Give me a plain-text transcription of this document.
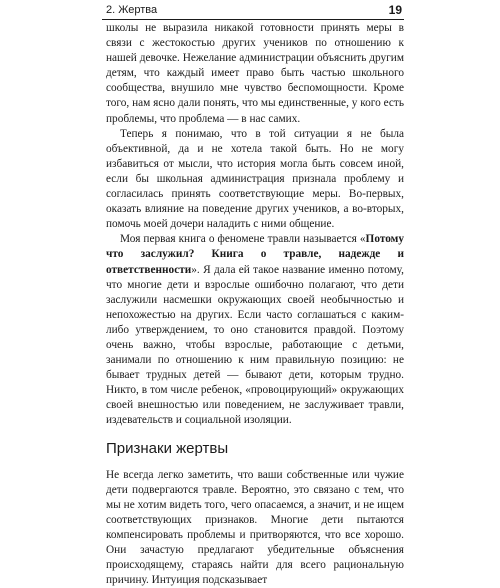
2. Жертва	19

школы не выразила никакой готовности принять меры в связи с жестокостью других учеников по отношению к нашей девочке. Нежелание администрации объяснить другим детям, что каждый имеет право быть частью школьного сообщества, внушило мне чувство беспомощности. Кроме того, нам ясно дали понять, что мы единственные, у кого есть проблемы, что проблема — в нас самих.

Теперь я понимаю, что в той ситуации я не была объективной, да и не хотела такой быть. Но не могу избавиться от мысли, что история могла быть совсем иной, если бы школьная администрация признала проблему и согласилась принять соответствующие меры. Во-первых, оказать влияние на поведение других учеников, а во-вторых, помочь моей дочери наладить с ними общение.

Моя первая книга о феномене травли называется «Потому что заслужил? Книга о травле, надежде и ответственности». Я дала ей такое название именно потому, что многие дети и взрослые ошибочно полагают, что дети заслужили насмешки окружающих своей необычностью и непохожестью на других. Если часто соглашаться с каким-либо утверждением, то оно становится правдой. Поэтому очень важно, чтобы взрослые, работающие с детьми, занимали по отношению к ним правильную позицию: не бывает трудных детей — бывают дети, которым трудно. Никто, в том числе ребенок, «провоцирующий» окружающих своей внешностью или поведением, не заслуживает травли, издевательств и социальной изоляции.

Признаки жертвы

Не всегда легко заметить, что ваши собственные или чужие дети подвергаются травле. Вероятно, это связано с тем, что мы не хотим видеть того, чего опасаемся, а значит, и не ищем соответствующих признаков. Многие дети пытаются компенсировать проблемы и притворяются, что все хорошо. Они зачастую предлагают убедительные объяснения происходящему, стараясь найти для всего рациональную причину. Интуиция подсказывает
